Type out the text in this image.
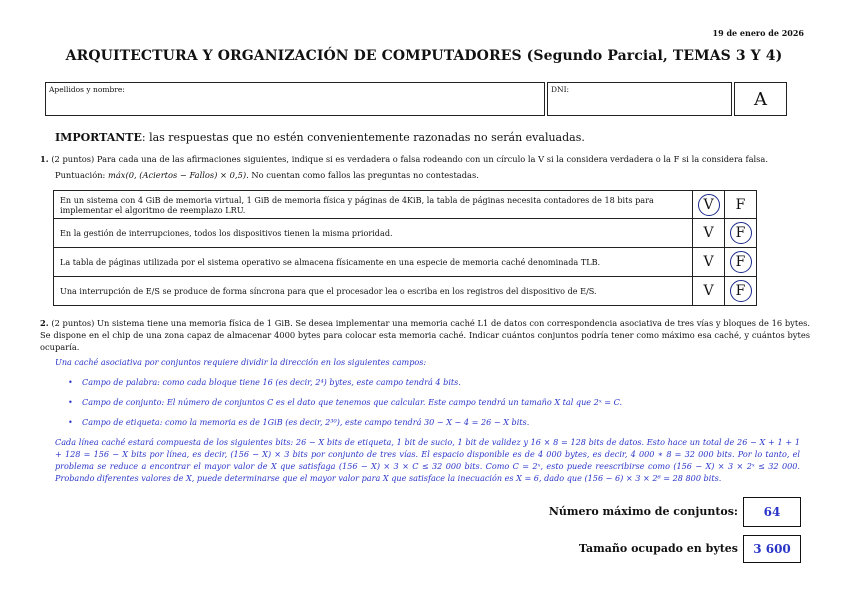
19 de enero de 2026
ARQUITECTURA Y ORGANIZACIÓN DE COMPUTADORES (Segundo Parcial, TEMAS 3 Y 4)
Apellidos y nombre:	DNI:	A
IMPORTANTE: las respuestas que no estén convenientemente razonadas no serán evaluadas.
1. (2 puntos) Para cada una de las afirmaciones siguientes, indique si es verdadera o falsa rodeando con un círculo la V si la considera verdadera o la F si la considera falsa.
Puntuación: máx(0, (Aciertos − Fallos) × 0,5). No cuentan como fallos las preguntas no contestadas.
En un sistema con 4 GiB de memoria virtual, 1 GiB de memoria física y páginas de 4KiB, la tabla de páginas necesita contadores de 18 bits para implementar el algoritmo de reemplazo LRU.	V	F
En la gestión de interrupciones, todos los dispositivos tienen la misma prioridad.	V	F
La tabla de páginas utilizada por el sistema operativo se almacena físicamente en una especie de memoria caché denominada TLB.	V	F
Una interrupción de E/S se produce de forma síncrona para que el procesador lea o escriba en los registros del dispositivo de E/S.	V	F
2. (2 puntos) Un sistema tiene una memoria física de 1 GiB. Se desea implementar una memoria caché L1 de datos con correspondencia asociativa de tres vías y bloques de 16 bytes. Se dispone en el chip de una zona capaz de almacenar 4000 bytes para colocar esta memoria caché. Indicar cuántos conjuntos podría tener como máximo esa caché, y cuántos bytes ocuparía.
Una caché asociativa por conjuntos requiere dividir la dirección en los siguientes campos:
• Campo de palabra: como cada bloque tiene 16 (es decir, 2⁴) bytes, este campo tendrá 4 bits.
• Campo de conjunto: El número de conjuntos C es el dato que tenemos que calcular. Este campo tendrá un tamaño X tal que 2ˣ = C.
• Campo de etiqueta: como la memoria es de 1GiB (es decir, 2³⁰), este campo tendrá 30 − X − 4 = 26 − X bits.
Cada línea caché estará compuesta de los siguientes bits: 26 − X bits de etiqueta, 1 bit de sucio, 1 bit de validez y 16 × 8 = 128 bits de datos. Esto hace un total de 26 − X + 1 + 1 + 128 = 156 − X bits por línea, es decir, (156 − X) × 3 bits por conjunto de tres vías. El espacio disponible es de 4 000 bytes, es decir, 4 000 ∗ 8 = 32 000 bits. Por lo tanto, el problema se reduce a encontrar el mayor valor de X que satisfaga (156 − X) × 3 × C ≤ 32 000 bits. Como C = 2ˣ, esto puede reescribirse como (156 − X) × 3 × 2ˣ ≤ 32 000. Probando diferentes valores de X, puede determinarse que el mayor valor para X que satisface la inecuación es X = 6, dado que (156 − 6) × 3 × 2⁶ = 28 800 bits.
Número máximo de conjuntos:	64
Tamaño ocupado en bytes	3 600
